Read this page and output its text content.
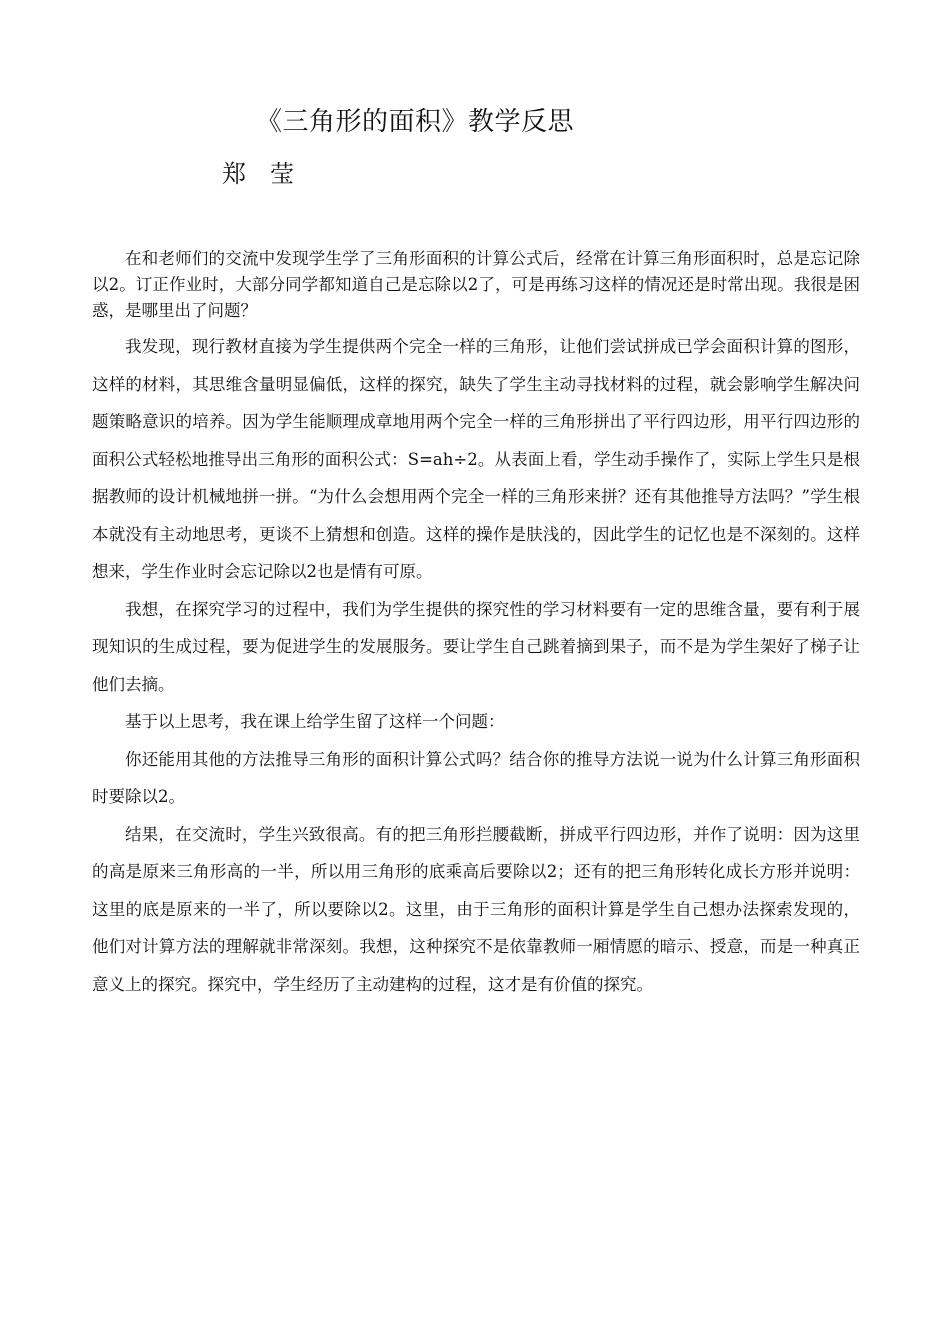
《三角形的面积》教学反思
郑　莹

在和老师们的交流中发现学生学了三角形面积的计算公式后，经常在计算三角形面积时，总是忘记除以2。订正作业时，大部分同学都知道自己是忘除以2了，可是再练习这样的情况还是时常出现。我很是困惑，是哪里出了问题？

我发现，现行教材直接为学生提供两个完全一样的三角形，让他们尝试拼成已学会面积计算的图形，这样的材料，其思维含量明显偏低，这样的探究，缺失了学生主动寻找材料的过程，就会影响学生解决问题策略意识的培养。因为学生能顺理成章地用两个完全一样的三角形拼出了平行四边形，用平行四边形的面积公式轻松地推导出三角形的面积公式：S=ah÷2。从表面上看，学生动手操作了，实际上学生只是根据教师的设计机械地拼一拼。“为什么会想用两个完全一样的三角形来拼？还有其他推导方法吗？”学生根本就没有主动地思考，更谈不上猜想和创造。这样的操作是肤浅的，因此学生的记忆也是不深刻的。这样想来，学生作业时会忘记除以2也是情有可原。

我想，在探究学习的过程中，我们为学生提供的探究性的学习材料要有一定的思维含量，要有利于展现知识的生成过程，要为促进学生的发展服务。要让学生自己跳着摘到果子，而不是为学生架好了梯子让他们去摘。

基于以上思考，我在课上给学生留了这样一个问题：

你还能用其他的方法推导三角形的面积计算公式吗？结合你的推导方法说一说为什么计算三角形面积时要除以2。

结果，在交流时，学生兴致很高。有的把三角形拦腰截断，拼成平行四边形，并作了说明：因为这里的高是原来三角形高的一半，所以用三角形的底乘高后要除以2；还有的把三角形转化成长方形并说明：这里的底是原来的一半了，所以要除以2。这里，由于三角形的面积计算是学生自己想办法探索发现的，他们对计算方法的理解就非常深刻。我想，这种探究不是依靠教师一厢情愿的暗示、授意，而是一种真正意义上的探究。探究中，学生经历了主动建构的过程，这才是有价值的探究。
